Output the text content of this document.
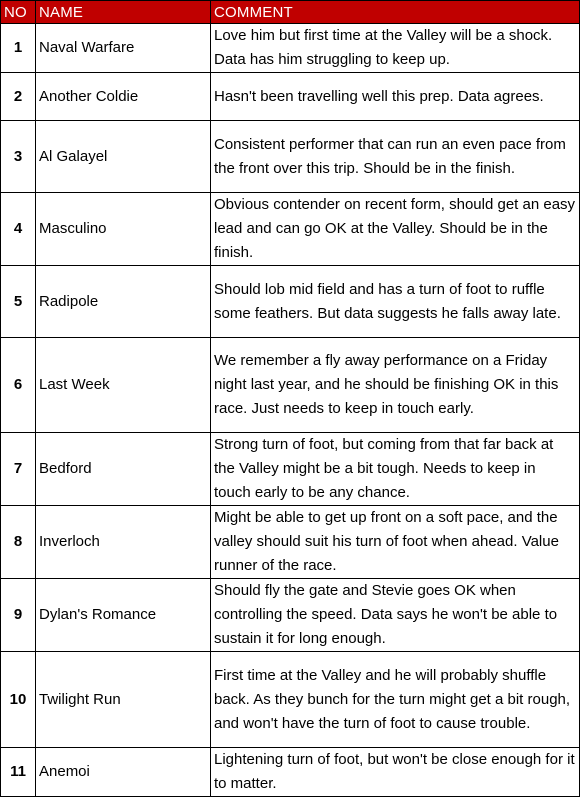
NO	NAME	COMMENT
1	Naval Warfare	Love him but first time at the Valley will be a shock. Data has him struggling to keep up.
2	Another Coldie	Hasn't been travelling well this prep. Data agrees.
3	Al Galayel	Consistent performer that can run an even pace from the front over this trip. Should be in the finish.
4	Masculino	Obvious contender on recent form, should get an easy lead and can go OK at the Valley. Should be in the finish.
5	Radipole	Should lob mid field and has a turn of foot to ruffle some feathers. But data suggests he falls away late.
6	Last Week	We remember a fly away performance on a Friday night last year, and he should be finishing OK in this race. Just needs to keep in touch early.
7	Bedford	Strong turn of foot, but coming from that far back at the Valley might be a bit tough. Needs to keep in touch early to be any chance.
8	Inverloch	Might be able to get up front on a soft pace, and the valley should suit his turn of foot when ahead. Value runner of the race.
9	Dylan's Romance	Should fly the gate and Stevie goes OK when controlling the speed. Data says he won't be able to sustain it for long enough.
10	Twilight Run	First time at the Valley and he will probably shuffle back. As they bunch for the turn might get a bit rough, and won't have the turn of foot to cause trouble.
11	Anemoi	Lightening turn of foot, but won't be close enough for it to matter.
